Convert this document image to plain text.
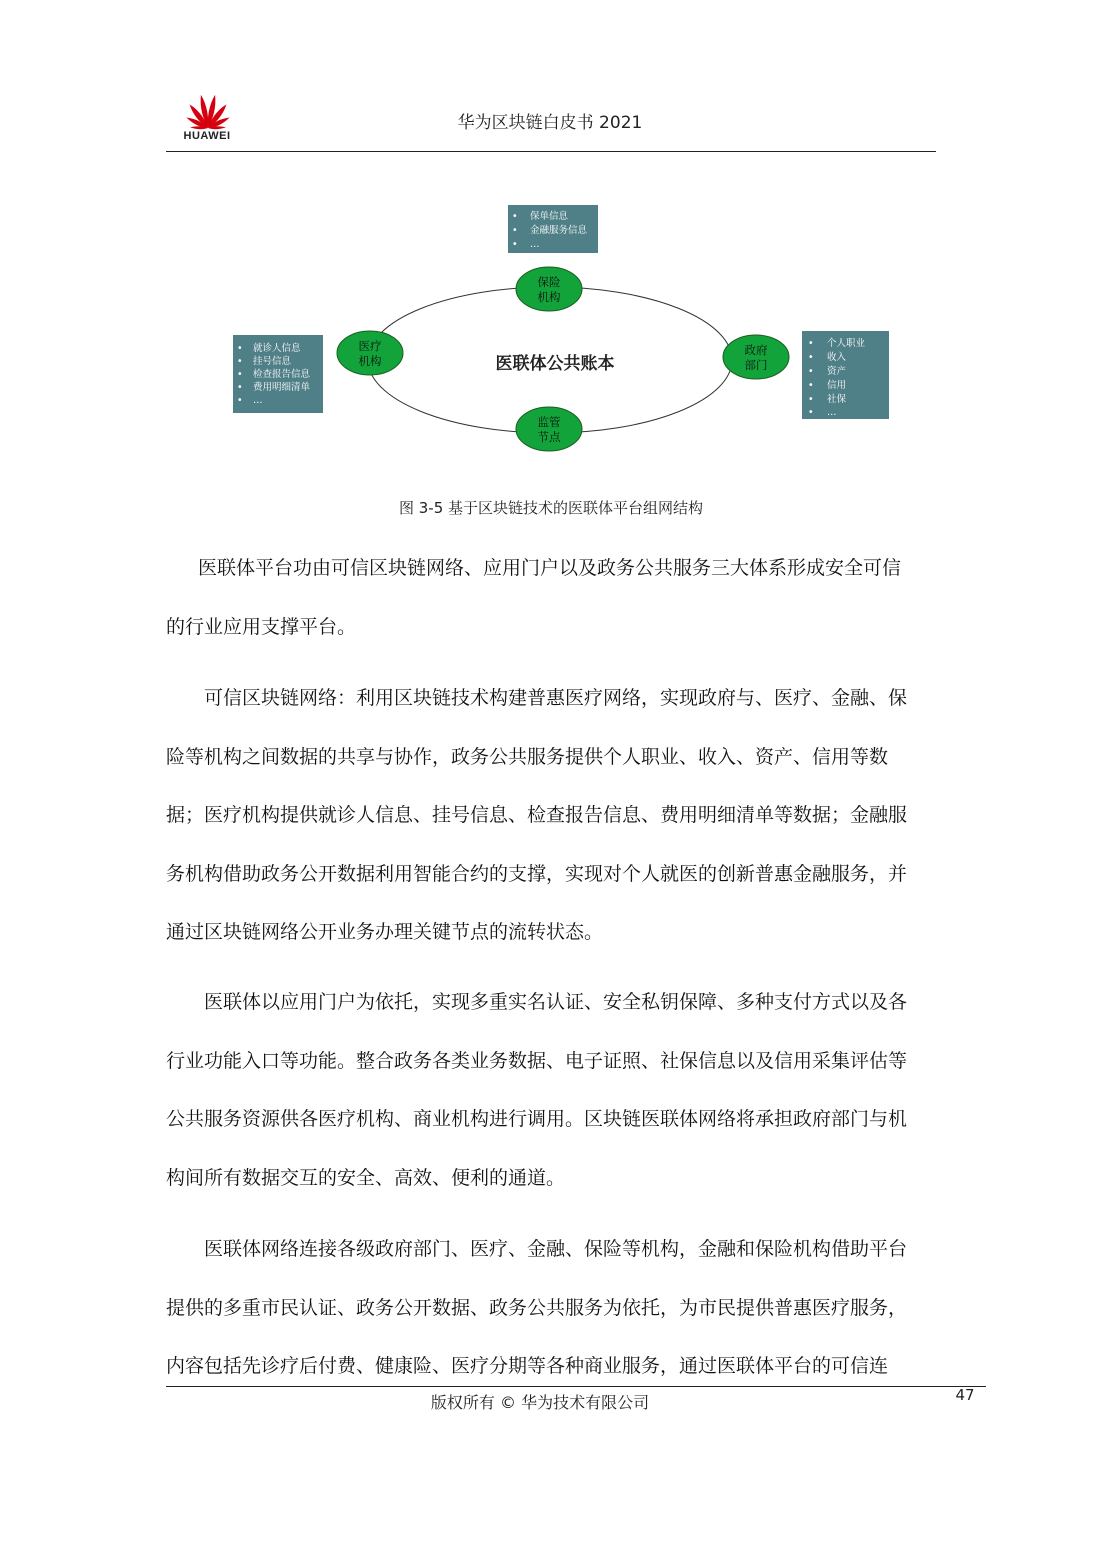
HUAWEI
华为区块链白皮书 2021
医联体公共账本
• 保单信息 • 金融服务信息 • …
• 就诊人信息 • 挂号信息 • 检查报告信息 • 费用明细清单 • …
• 个人职业 • 收入 • 资产 • 信用 • 社保 • …
保险
机构
医疗
机构
政府
部门
监管
节点
图 3-5 基于区块链技术的医联体平台组网结构
医联体平台功由可信区块链网络、应用门户以及政务公共服务三大体系形成安全可信
的行业应用支撑平台。
可信区块链网络：利用区块链技术构建普惠医疗网络，实现政府与、医疗、金融、保
险等机构之间数据的共享与协作，政务公共服务提供个人职业、收入、资产、信用等数
据；医疗机构提供就诊人信息、挂号信息、检查报告信息、费用明细清单等数据；金融服
务机构借助政务公开数据利用智能合约的支撑，实现对个人就医的创新普惠金融服务，并
通过区块链网络公开业务办理关键节点的流转状态。
医联体以应用门户为依托，实现多重实名认证、安全私钥保障、多种支付方式以及各
行业功能入口等功能。整合政务各类业务数据、电子证照、社保信息以及信用采集评估等
公共服务资源供各医疗机构、商业机构进行调用。区块链医联体网络将承担政府部门与机
构间所有数据交互的安全、高效、便利的通道。
医联体网络连接各级政府部门、医疗、金融、保险等机构，金融和保险机构借助平台
提供的多重市民认证、政务公开数据、政务公共服务为依托，为市民提供普惠医疗服务，
内容包括先诊疗后付费、健康险、医疗分期等各种商业服务，通过医联体平台的可信连
版权所有 © 华为技术有限公司	47
